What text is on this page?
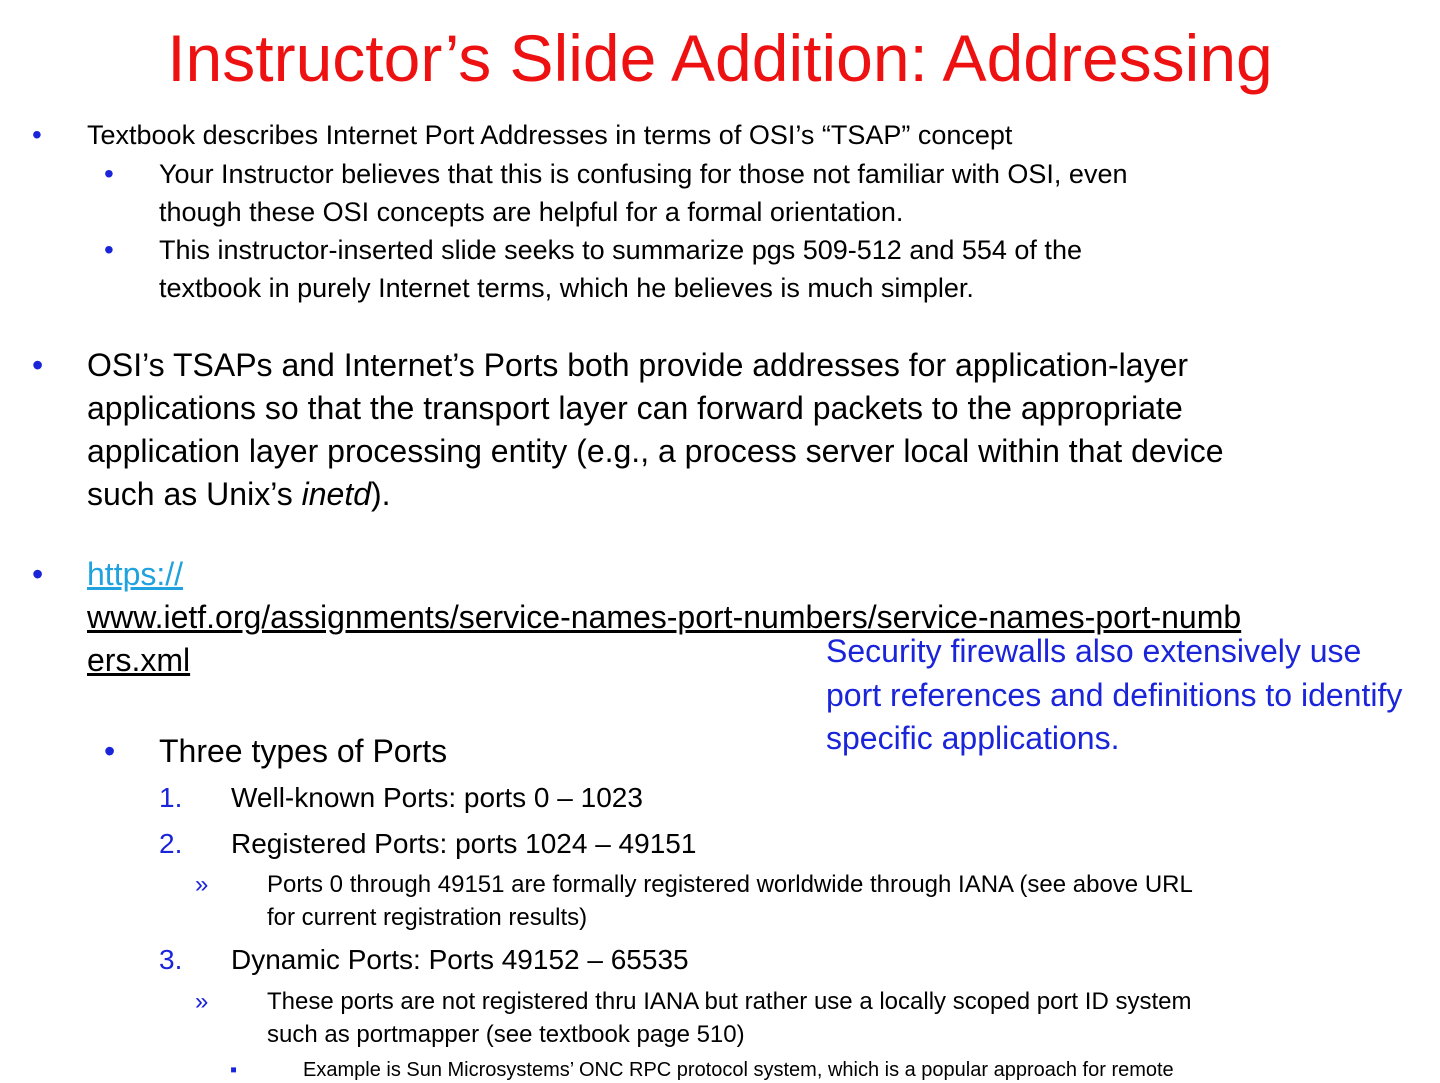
Instructor’s Slide Addition: Addressing
• Textbook describes Internet Port Addresses in terms of OSI’s “TSAP” concept
• Your Instructor believes that this is confusing for those not familiar with OSI, even
though these OSI concepts are helpful for a formal orientation.
• This instructor-inserted slide seeks to summarize pgs 509-512 and 554 of the
textbook in purely Internet terms, which he believes is much simpler.
• OSI’s TSAPs and Internet’s Ports both provide addresses for application-layer
applications so that the transport layer can forward packets to the appropriate
application layer processing entity (e.g., a process server local within that device
such as Unix’s inetd).
• https://
www.ietf.org/assignments/service-names-port-numbers/service-names-port-numb
ers.xml	Security firewalls also extensively use port references and definitions to identify specific applications.
• Three types of Ports
1. Well-known Ports: ports 0 – 1023
2. Registered Ports: ports 1024 – 49151
» Ports 0 through 49151 are formally registered worldwide through IANA (see above URL
for current registration results)
3. Dynamic Ports: Ports 49152 – 65535
» These ports are not registered thru IANA but rather use a locally scoped port ID system
such as portmapper (see textbook page 510)
▪	Example is Sun Microsystems’ ONC RPC protocol system, which is a popular approach for remote
